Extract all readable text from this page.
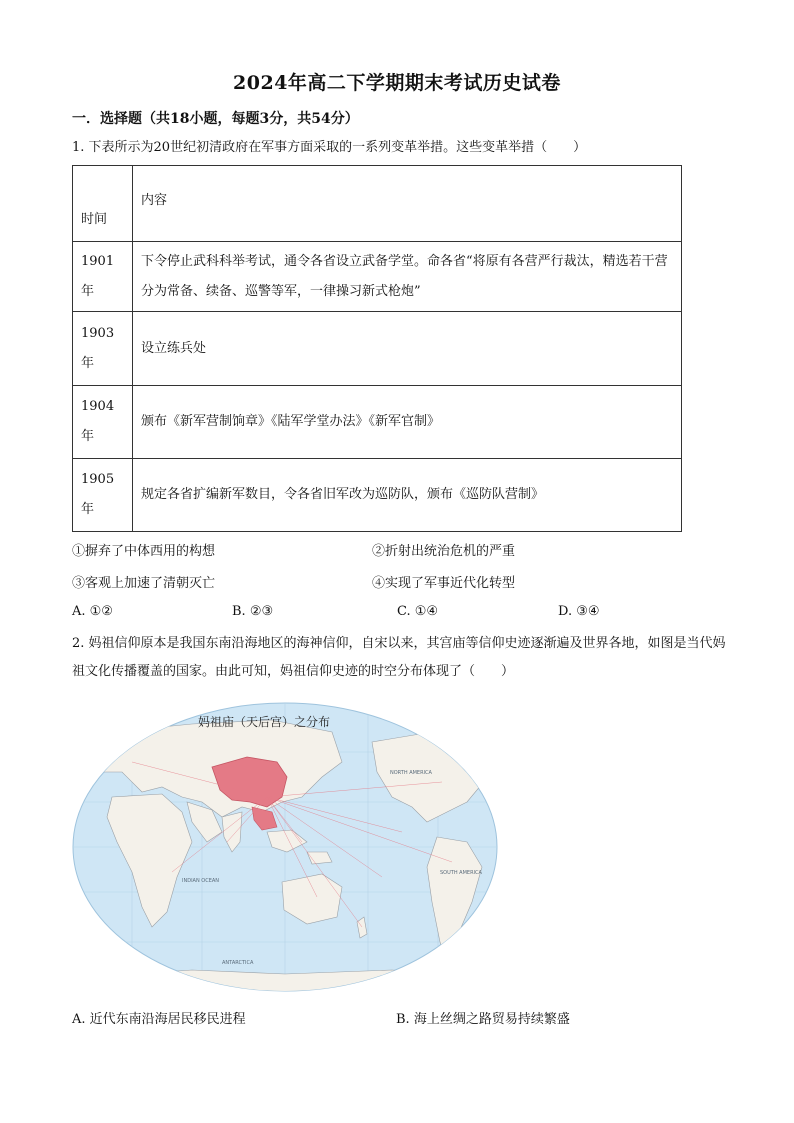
2024年高二下学期期末考试历史试卷
一．选择题（共18小题，每题3分，共54分）
1. 下表所示为20世纪初清政府在军事方面采取的一系列变革举措。这些变革举措（　　）
时间	内容

1901
年	下令停止武科科举考试，通令各省设立武备学堂。命各省“将原有各营严行裁汰，精选若干营分为常备、续备、巡警等军，一律操习新式枪炮”

1903
年	设立练兵处

1904
年	颁布《新军营制饷章》《陆军学堂办法》《新军官制》

1905
年	规定各省扩编新军数目，令各省旧军改为巡防队，颁布《巡防队营制》
①摒弃了中体西用的构想	②折射出统治危机的严重
③客观上加速了清朝灭亡	④实现了军事近代化转型
A. ①②	B. ②③	C. ①④	D. ③④
2. 妈祖信仰原本是我国东南沿海地区的海神信仰，自宋以来，其宫庙等信仰史迹逐渐遍及世界各地，如图是当代妈祖文化传播覆盖的国家。由此可知，妈祖信仰史迹的时空分布体现了（　　）
NORTH AMERICA
SOUTH AMERICA
INDIAN OCEAN
ANTARCTICA
妈祖庙（天后宫）之分布
A. 近代东南沿海居民移民进程	B. 海上丝绸之路贸易持续繁盛
